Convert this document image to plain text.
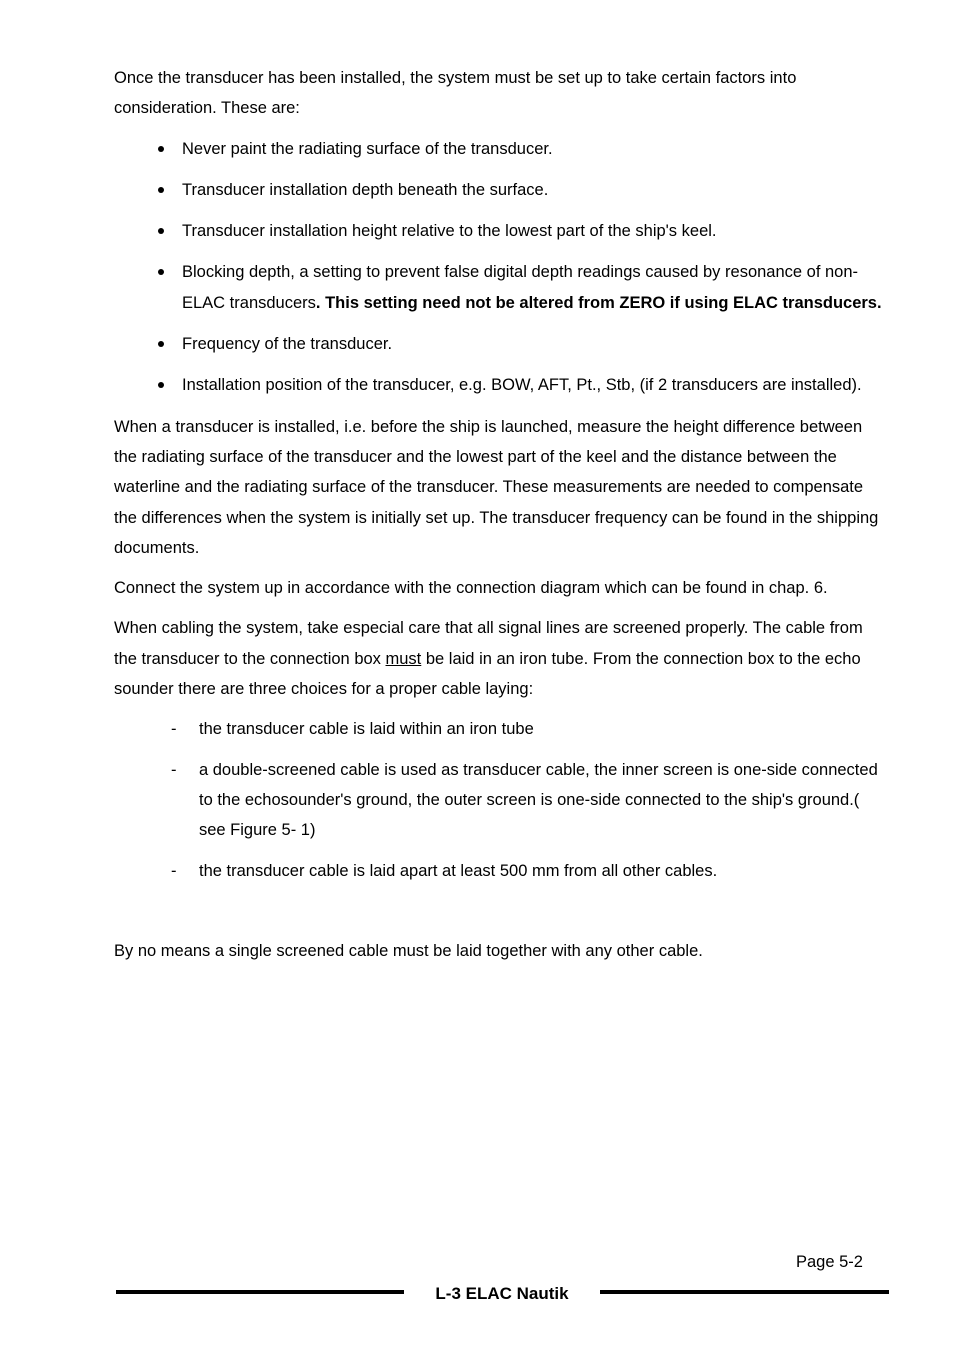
Once the transducer has been installed, the system must be set up to take certain factors into consideration. These are:

Never paint the radiating surface of the transducer.
Transducer installation depth beneath the surface.
Transducer installation height relative to the lowest part of the ship's keel.
Blocking depth, a setting to prevent false digital depth readings caused by resonance of non-ELAC transducers. This setting need not be altered from ZERO if using ELAC transducers.
Frequency of the transducer.
Installation position of the transducer, e.g. BOW, AFT, Pt., Stb, (if 2 transducers are installed).

When a transducer is installed, i.e. before the ship is launched, measure the height difference between the radiating surface of the transducer and the lowest part of the keel and the distance between the waterline and the radiating surface of the transducer. These measurements are needed to compensate the differences when the system is initially set up. The transducer frequency can be found in the shipping documents.

Connect the system up in accordance with the connection diagram which can be found in chap. 6.

When cabling the system, take especial care that all signal lines are screened properly. The cable from the transducer to the connection box must be laid in an iron tube. From the connection box to the echo sounder there are three choices for a proper cable laying:

- the transducer cable is laid within an iron tube
- a double-screened cable is used as transducer cable, the inner screen is one-side connected to the echosounder's ground, the outer screen is one-side connected to the ship's ground.( see Figure 5- 1)
- the transducer cable is laid apart at least 500 mm from all other cables.

By no means a single screened cable must be laid together with any other cable.

Page 5-2
L-3 ELAC Nautik
